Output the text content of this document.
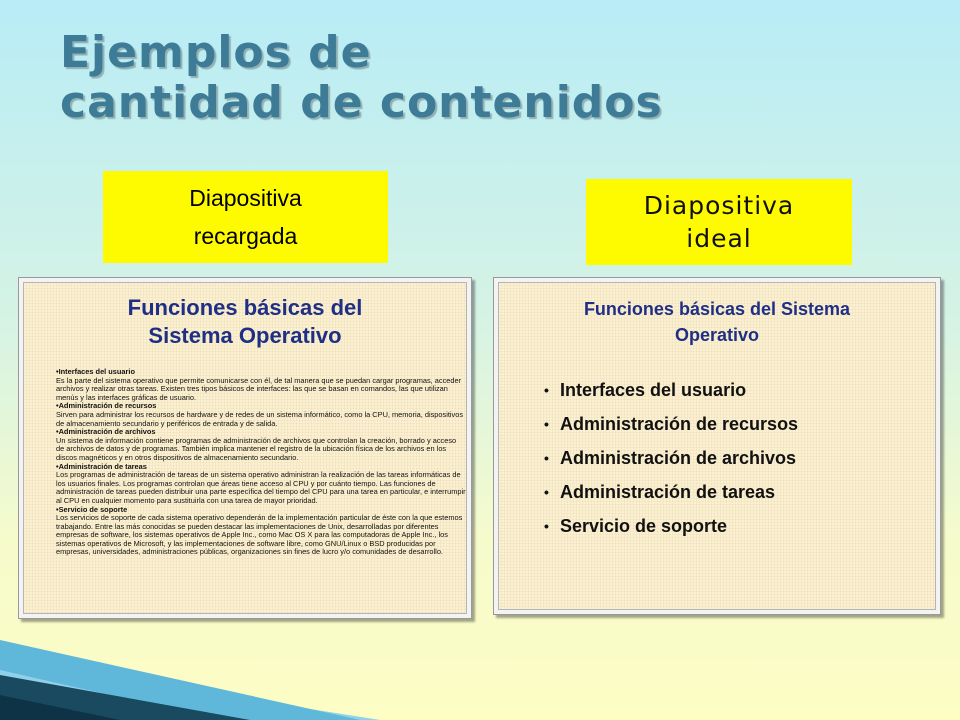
Ejemplos de
cantidad de contenidos
Diapositiva
recargada
Diapositiva
ideal
Funciones básicas del
Sistema Operativo

•Interfaces del usuario
Es la parte del sistema operativo que permite comunicarse con él, de tal manera que se puedan cargar programas, acceder archivos y realizar otras tareas. Existen tres tipos básicos de interfaces: las que se basan en comandos, las que utilizan menús y las interfaces gráficas de usuario.

•Administración de recursos
Sirven para administrar los recursos de hardware y de redes de un sistema informático, como la CPU, memoria, dispositivos de almacenamiento secundario y periféricos de entrada y de salida.

•Administración de archivos
Un sistema de información contiene programas de administración de archivos que controlan la creación, borrado y acceso de archivos de datos y de programas. También implica mantener el registro de la ubicación física de los archivos en los discos magnéticos y en otros dispositivos de almacenamiento secundario.

•Administración de tareas
Los programas de administración de tareas de un sistema operativo administran la realización de las tareas informáticas de los usuarios finales. Los programas controlan que áreas tiene acceso al CPU y por cuánto tiempo. Las funciones de administración de tareas pueden distribuir una parte específica del tiempo del CPU para una tarea en particular, e interrumpir al CPU en cualquier momento para sustituirla con una tarea de mayor prioridad.

•Servicio de soporte
Los servicios de soporte de cada sistema operativo dependerán de la implementación particular de éste con la que estemos trabajando. Entre las más conocidas se pueden destacar las implementaciones de Unix, desarrolladas por diferentes empresas de software, los sistemas operativos de Apple Inc., como Mac OS X para las computadoras de Apple Inc., los sistemas operativos de Microsoft, y las implementaciones de software libre, como GNU/Linux o BSD producidas por empresas, universidades, administraciones públicas, organizaciones sin fines de lucro y/o comunidades de desarrollo.

Funciones básicas del Sistema
Operativo
• Interfaces del usuario
• Administración de recursos
• Administración de archivos
• Administración de tareas
• Servicio de soporte
